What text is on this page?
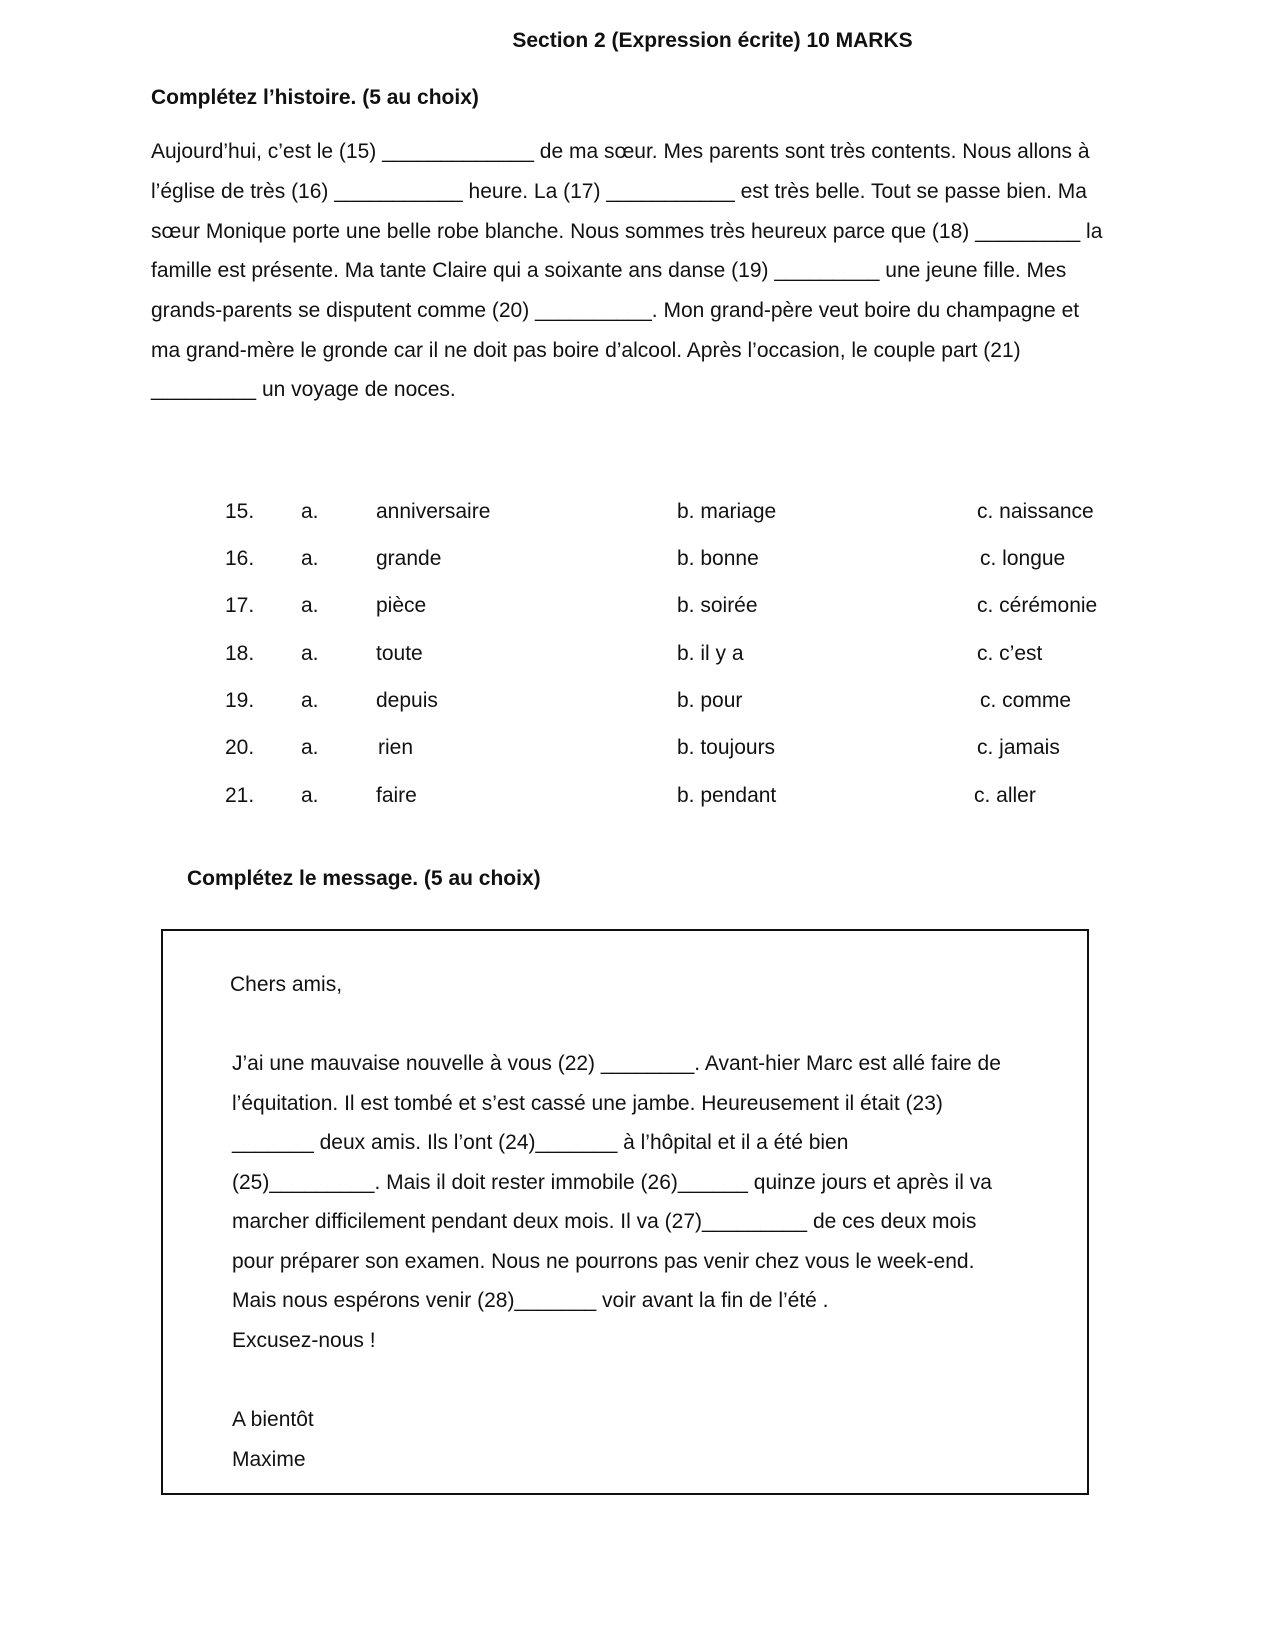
Section 2 (Expression écrite) 10 MARKS
Complétez l’histoire. (5 au choix)
Aujourd’hui, c’est le (15) _____________ de ma sœur. Mes parents sont très contents. Nous allons à
l’église de très (16) ___________ heure. La (17) ___________ est très belle. Tout se passe bien. Ma
sœur Monique porte une belle robe blanche. Nous sommes très heureux parce que (18) _________ la
famille est présente. Ma tante Claire qui a soixante ans danse (19) _________ une jeune fille. Mes
grands-parents se disputent comme (20) __________. Mon grand-père veut boire du champagne et
ma grand-mère le gronde car il ne doit pas boire d’alcool. Après l’occasion, le couple part (21)
_________ un voyage de noces.
15. a.	anniversaire	b. mariage	c. naissance
16. a.	grande	b. bonne	c. longue
17. a.	pièce	b. soirée	c. cérémonie
18. a.	toute	b. il y a	c. c’est
19. a.	depuis	b. pour	c. comme
20. a.	rien	b. toujours	c. jamais
21. a.	faire	b. pendant	c. aller
Complétez le message. (5 au choix)
Chers amis,
J’ai une mauvaise nouvelle à vous (22) ________. Avant-hier Marc est allé faire de
l’équitation. Il est tombé et s’est cassé une jambe. Heureusement il était (23)
_______ deux amis. Ils l’ont (24)_______ à l’hôpital et il a été bien
(25)_________. Mais il doit rester immobile (26)______ quinze jours et après il va
marcher difficilement pendant deux mois. Il va (27)_________ de ces deux mois
pour préparer son examen. Nous ne pourrons pas venir chez vous le week-end.
Mais nous espérons venir (28)_______ voir avant la fin de l’été .
Excusez-nous !
A bientôt
Maxime
